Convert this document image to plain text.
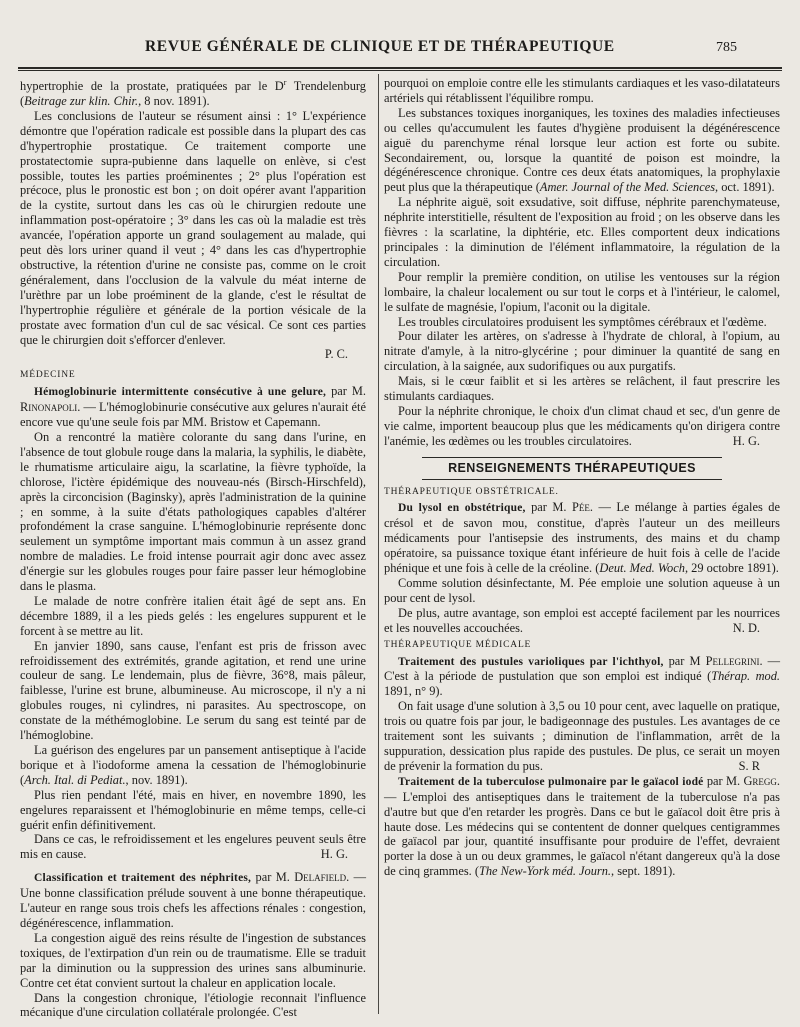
REVUE GÉNÉRALE DE CLINIQUE ET DE THÉRAPEUTIQUE	785

hypertrophie de la prostate, pratiquées par le $D^r$ Trendelenburg (Beitrage zur klin. Chir., 8 nov. 1891).

Les conclusions de l'auteur se résument ainsi : 1° L'expérience démontre que l'opération radicale est possible dans la plupart des cas d'hypertrophie prostatique. Ce traitement comporte une prostatectomie supra-pubienne dans laquelle on enlève, si c'est possible, toutes les parties proéminentes ; 2° plus l'opération est précoce, plus le pronostic est bon ; on doit opérer avant l'apparition de la cystite, surtout dans les cas où le chirurgien redoute une inflammation post-opératoire ; 3° dans les cas où la maladie est très avancée, l'opération apporte un grand soulagement au malade, qui peut dès lors uriner quand il veut ; 4° dans les cas d'hypertrophie obstructive, la rétention d'urine ne consiste pas, comme on le croit généralement, dans l'occlusion de la valvule du méat interne de l'urèthre par un lobe proéminent de la glande, c'est le résultat de l'hypertrophie régulière et générale de la portion vésicale de la prostate avec formation d'un cul de sac vésical. Ce sont ces parties que le chirurgien doit s'efforcer d'enlever.

P. C.

MÉDECINE

Hémoglobinurie intermittente consécutive à une gelure, par M. Rinonapoli. — L'hémoglobinurie consécutive aux gelures n'aurait été encore vue qu'une seule fois par MM. Bristow et Capemann.

On a rencontré la matière colorante du sang dans l'urine, en l'absence de tout globule rouge dans la malaria, la syphilis, le diabète, le rhumatisme articulaire aigu, la scarlatine, la fièvre typhoïde, la chlorose, l'ictère épidémique des nouveau-nés (Birsch-Hirschfeld), après la circoncision (Baginsky), après l'administration de la quinine ; en somme, à la suite d'états pathologiques capables d'altérer profondément la crase sanguine. L'hémoglobinurie représente donc seulement un symptôme important mais commun à un assez grand nombre de maladies. Le froid intense pourrait agir donc avec assez d'énergie sur les globules rouges pour faire passer leur hémoglobine dans le plasma.

Le malade de notre confrère italien était âgé de sept ans. En décembre 1889, il a les pieds gelés : les engelures suppurent et le forcent à se mettre au lit.

En janvier 1890, sans cause, l'enfant est pris de frisson avec refroidissement des extrémités, grande agitation, et rend une urine couleur de sang. Le lendemain, plus de fièvre, 36°8, mais pâleur, faiblesse, l'urine est brune, albumineuse. Au microscope, il n'y a ni globules rouges, ni cylindres, ni parasites. Au spectroscope, on constate de la méthémoglobine. Le serum du sang est teinté par de l'hémoglobine.

La guérison des engelures par un pansement antiseptique à l'acide borique et à l'iodoforme amena la cessation de l'hémoglobinurie (Arch. Ital. di Pediat., nov. 1891).

Plus rien pendant l'été, mais en hiver, en novembre 1890, les engelures reparaissent et l'hémoglobinurie en même temps, celle-ci guérit enfin définitivement.

Dans ce cas, le refroidissement et les engelures peuvent seuls être mis en cause.	H. G.

Classification et traitement des néphrites, par M. Delafield. — Une bonne classification prélude souvent à une bonne thérapeutique. L'auteur en range sous trois chefs les affections rénales : congestion, dégénérescence, inflammation.

La congestion aiguë des reins résulte de l'ingestion de substances toxiques, de l'extirpation d'un rein ou de traumatisme. Elle se traduit par la diminution ou la suppression des urines sans albuminurie. Contre cet état convient surtout la chaleur en application locale.

Dans la congestion chronique, l'étiologie reconnait l'influence mécanique d'une circulation collatérale prolongée. C'est

pourquoi on emploie contre elle les stimulants cardiaques et les vaso-dilatateurs artériels qui rétablissent l'équilibre rompu.

Les substances toxiques inorganiques, les toxines des maladies infectieuses ou celles qu'accumulent les fautes d'hygiène produisent la dégénérescence aiguë du parenchyme rénal lorsque leur action est forte ou subite. Secondairement, ou, lorsque la quantité de poison est moindre, la dégénérescence chronique. Contre ces deux états anatomiques, la prophylaxie peut plus que la thérapeutique (Amer. Journal of the Med. Sciences, oct. 1891).

La néphrite aiguë, soit exsudative, soit diffuse, néphrite parenchymateuse, néphrite interstitielle, résultent de l'exposition au froid ; on les observe dans les fièvres : la scarlatine, la diphtérie, etc. Elles comportent deux indications principales : la diminution de l'élément inflammatoire, la régulation de la circulation.

Pour remplir la première condition, on utilise les ventouses sur la région lombaire, la chaleur localement ou sur tout le corps et à l'intérieur, le calomel, le sulfate de magnésie, l'opium, l'aconit ou la digitale.

Les troubles circulatoires produisent les symptômes cérébraux et l'œdème.

Pour dilater les artères, on s'adresse à l'hydrate de chloral, à l'opium, au nitrate d'amyle, à la nitro-glycérine ; pour diminuer la quantité de sang en circulation, à la saignée, aux sudorifiques ou aux purgatifs.

Mais, si le cœur faiblit et si les artères se relâchent, il faut prescrire les stimulants cardiaques.

Pour la néphrite chronique, le choix d'un climat chaud et sec, d'un genre de vie calme, importent beaucoup plus que les médicaments qu'on dirigera contre l'anémie, les œdèmes ou les troubles circulatoires.	H. G.

RENSEIGNEMENTS THÉRAPEUTIQUES

THÉRAPEUTIQUE OBSTÉTRICALE.

Du lysol en obstétrique, par M. Pée. — Le mélange à parties égales de crésol et de savon mou, constitue, d'après l'auteur un des meilleurs médicaments pour l'antisepsie des instruments, des mains et du champ opératoire, sa puissance toxique étant inférieure de huit fois à celle de l'acide phénique et une fois à celle de la créoline. (Deut. Med. Woch, 29 octobre 1891).

Comme solution désinfectante, M. Pée emploie une solution aqueuse à un pour cent de lysol.

De plus, autre avantage, son emploi est accepté facilement par les nourrices et les nouvelles accouchées.	N. D.

THÉRAPEUTIQUE MÉDICALE

Traitement des pustules varioliques par l'ichthyol, par M Pellegrini. — C'est à la période de pustulation que son emploi est indiqué (Thérap. mod. 1891, n° 9).

On fait usage d'une solution à 3,5 ou 10 pour cent, avec laquelle on pratique, trois ou quatre fois par jour, le badigeonnage des pustules. Les avantages de ce traitement sont les suivants ; diminution de l'inflammation, arrêt de la suppuration, dessication plus rapide des pustules. De plus, ce serait un moyen de prévenir la formation du pus.	S. R

Traitement de la tuberculose pulmonaire par le gaïacol iodé par M. Gregg. — L'emploi des antiseptiques dans le traitement de la tuberculose n'a pas d'autre but que d'en retarder les progrès. Dans ce but le gaïacol doit être pris à haute dose. Les médecins qui se contentent de donner quelques centigrammes de gaïacol par jour, quantité insuffisante pour produire de l'effet, devraient porter la dose à un ou deux grammes, le gaïacol n'étant dangereux qu'à la dose de cinq grammes. (The New-York méd. Journ., sept. 1891).
